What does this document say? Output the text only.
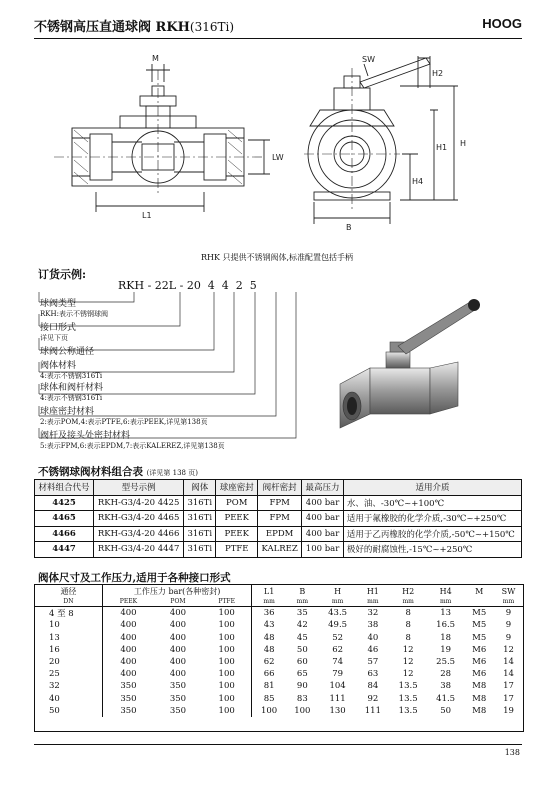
不锈钢高压直通球阀 RKH(316Ti)	HOOG
M
LW
L1
SW
H2
H1 H
H4
B
RHK 只提供不锈钢阀体,标准配置包括手柄
订货示例:
RKH - 22L - 20  4  4  2  5
球阀类型
RKH:表示不锈钢球阀
接口形式
详见下页
球阀公称通径
阀体材料
4:表示不锈钢316Ti
球体和阀杆材料
4:表示不锈钢316Ti
球座密封材料
2:表示POM,4:表示PTFE,6:表示PEEK,详见第138页
阀杆及接头处密封材料
5:表示FPM,6:表示EPDM,7:表示KALEREZ,详见第138页
不锈钢球阀材料组合表 (详见第 138 页)
材料组合代号	型号示例	阀体	球座密封	阀杆密封	最高压力	适用介质
4425	RKH-G3/4-20 4425	316Ti	POM	FPM	400 bar	水、油、-30℃~+100℃
4465	RKH-G3/4-20 4465	316Ti	PEEK	FPM	400 bar	适用于氟橡胶的化学介质,-30℃~+250℃
4466	RKH-G3/4-20 4466	316Ti	PEEK	EPDM	400 bar	适用于乙丙橡胶的化学介质,-50℃~+150℃
4447	RKH-G3/4-20 4447	316Ti	PTFE	KALREZ	100 bar	极好的耐腐蚀性,-15℃~+250℃
阀体尺寸及工作压力,适用于各种接口形式
通径	工作压力 bar(各种密封)			L1	B	H	H1	H2	H4	M	SW
DN	PEEK	POM	PTFE	mm	mm	mm	mm	mm	mm		mm
4 至 8	400	400	100	36	35	43.5	32	8	13	M5	9
10	400	400	100	43	42	49.5	38	8	16.5	M5	9
13	400	400	100	48	45	52	40	8	18	M5	9
16	400	400	100	48	50	62	46	12	19	M6	12
20	400	400	100	62	60	74	57	12	25.5	M6	14
25	400	400	100	66	65	79	63	12	28	M6	14
32	350	350	100	81	90	104	84	13.5	38	M8	17
40	350	350	100	85	83	111	92	13.5	41.5	M8	17
50	350	350	100	100	100	130	111	13.5	50	M8	19
138
